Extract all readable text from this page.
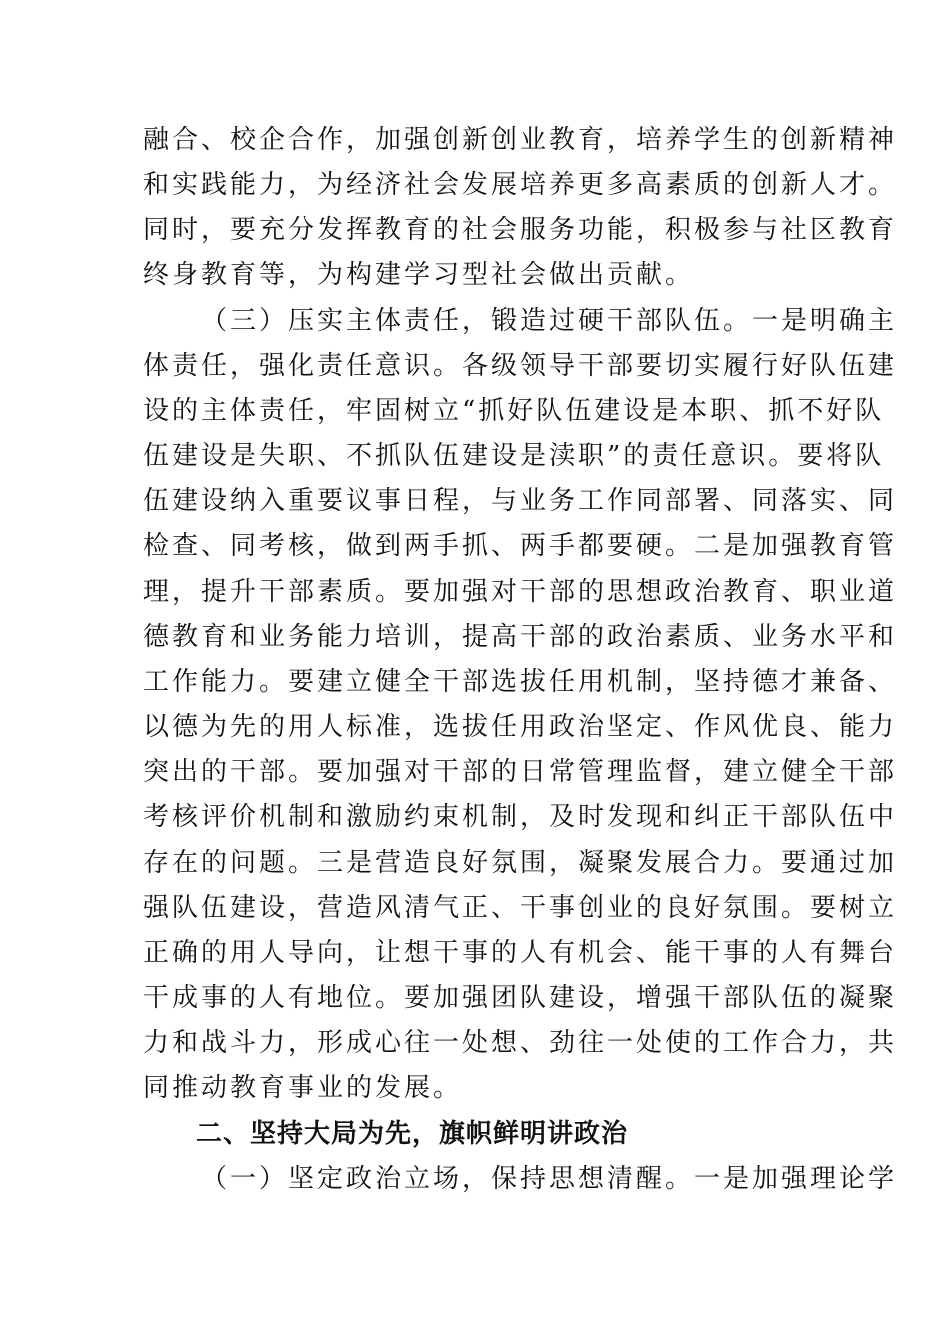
融合、校企合作，加强创新创业教育，培养学生的创新精神
和实践能力，为经济社会发展培养更多高素质的创新人才。
同时，要充分发挥教育的社会服务功能，积极参与社区教育
终身教育等，为构建学习型社会做出贡献。
（三）压实主体责任，锻造过硬干部队伍。一是明确主
体责任，强化责任意识。各级领导干部要切实履行好队伍建
设的主体责任，牢固树立“抓好队伍建设是本职、抓不好队
伍建设是失职、不抓队伍建设是渎职”的责任意识。要将队
伍建设纳入重要议事日程，与业务工作同部署、同落实、同
检查、同考核，做到两手抓、两手都要硬。二是加强教育管
理，提升干部素质。要加强对干部的思想政治教育、职业道
德教育和业务能力培训，提高干部的政治素质、业务水平和
工作能力。要建立健全干部选拔任用机制，坚持德才兼备、
以德为先的用人标准，选拔任用政治坚定、作风优良、能力
突出的干部。要加强对干部的日常管理监督，建立健全干部
考核评价机制和激励约束机制，及时发现和纠正干部队伍中
存在的问题。三是营造良好氛围，凝聚发展合力。要通过加
强队伍建设，营造风清气正、干事创业的良好氛围。要树立
正确的用人导向，让想干事的人有机会、能干事的人有舞台
干成事的人有地位。要加强团队建设，增强干部队伍的凝聚
力和战斗力，形成心往一处想、劲往一处使的工作合力，共
同推动教育事业的发展。
二、坚持大局为先，旗帜鲜明讲政治
（一）坚定政治立场，保持思想清醒。一是加强理论学
